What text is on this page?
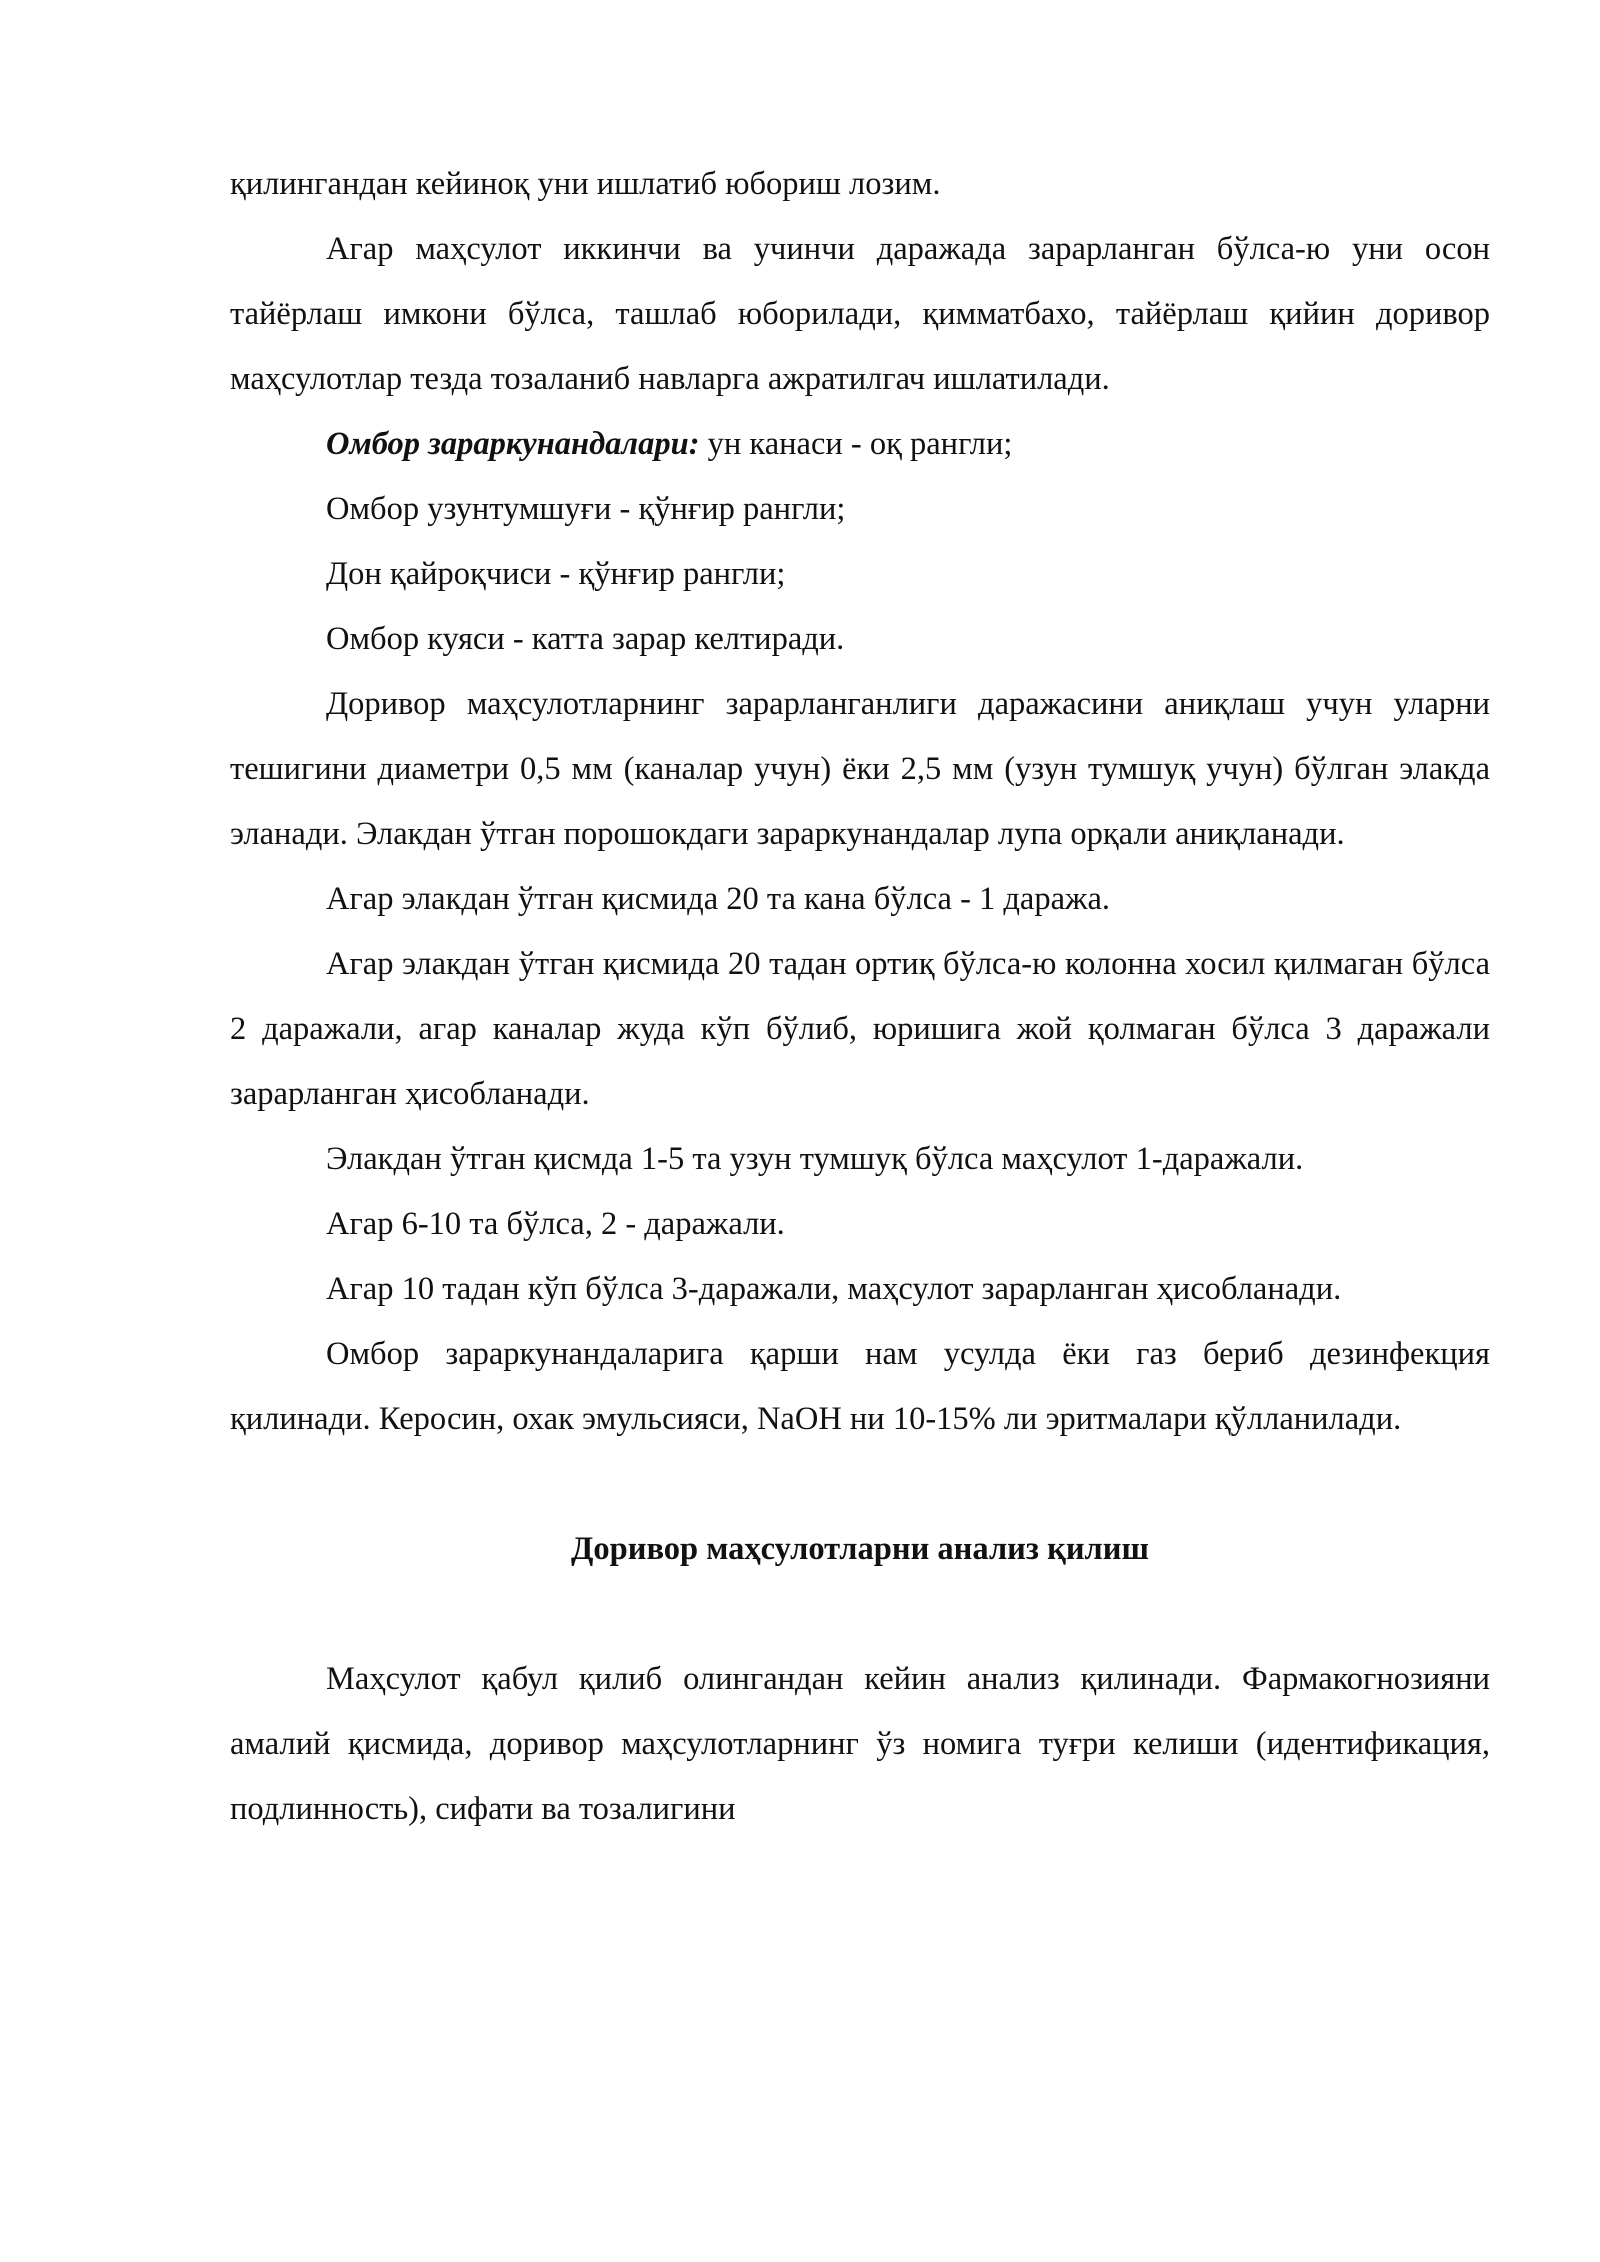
қилингандан кейиноқ уни ишлатиб юбориш лозим.

Агар маҳсулот иккинчи ва учинчи даражада зарарланган бўлса-ю уни осон тайёрлаш имкони бўлса, ташлаб юборилади, қимматбахо, тайёрлаш қийин доривор маҳсулотлар тезда тозаланиб навларга ажратилгач ишлатилади.

Омбор зараркунандалари: ун канаси - оқ рангли;

Омбор узунтумшуғи - қўнғир рангли;

Дон қайроқчиси - қўнғир рангли;

Омбор куяси - катта зарар келтиради.

Доривор маҳсулотларнинг зарарланганлиги даражасини аниқлаш учун уларни тешигини диаметри 0,5 мм (каналар учун) ёки 2,5 мм (узун тумшуқ учун) бўлган элакда эланади. Элакдан ўтган порошокдаги зараркунандалар лупа орқали аниқланади.

Агар элакдан ўтган қисмида 20 та кана бўлса - 1 даража.

Агар элакдан ўтган қисмида 20 тадан ортиқ бўлса-ю колонна хосил қилмаган бўлса 2 даражали, агар каналар жуда кўп бўлиб, юришига жой қолмаган бўлса 3 даражали зарарланган ҳисобланади.

Элакдан ўтган қисмда 1-5 та узун тумшуқ бўлса маҳсулот 1-даражали.

Агар 6-10 та бўлса, 2 - даражали.

Агар 10 тадан кўп бўлса 3-даражали, маҳсулот зарарланган ҳисобланади.

Омбор зараркунандаларига қарши нам усулда ёки газ бериб дезинфекция қилинади. Керосин, охак эмульсияси, NaOH ни 10-15% ли эритмалари қўлланилади.

Доривор маҳсулотларни анализ қилиш

Маҳсулот қабул қилиб олингандан кейин анализ қилинади. Фармакогнозияни амалий қисмида, доривор маҳсулотларнинг ўз номига туғри келиши (идентификация, подлинность), сифати ва тозалигини
